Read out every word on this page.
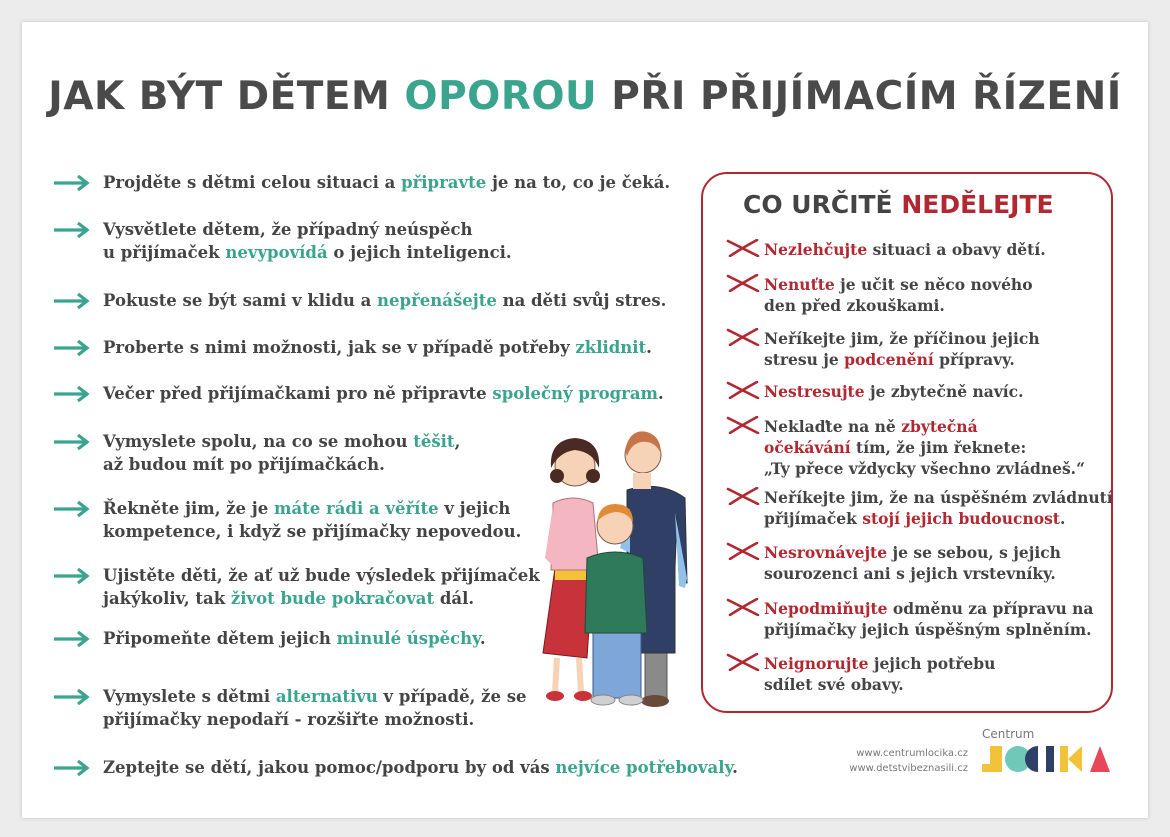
JAK BÝT DĚTEM OPOROU PŘI PŘIJÍMACÍM ŘÍZENÍ
Projděte s dětmi celou situaci a připravte je na to, co je čeká.
Vysvětlete dětem, že případný neúspěch
u přijímaček nevypovídá o jejich inteligenci.
Pokuste se být sami v klidu a nepřenášejte na děti svůj stres.
Proberte s nimi možnosti, jak se v případě potřeby zklidnit.
Večer před přijímačkami pro ně připravte společný program.
Vymyslete spolu, na co se mohou těšit,
až budou mít po přijímačkách.
Řekněte jim, že je máte rádi a věříte v jejich
kompetence, i když se přijímačky nepovedou.
Ujistěte děti, že ať už bude výsledek přijímaček
jakýkoliv, tak život bude pokračovat dál.
Připomeňte dětem jejich minulé úspěchy.
Vymyslete s dětmi alternativu v případě, že se
přijímačky nepodaří - rozšiřte možnosti.
Zeptejte se dětí, jakou pomoc/podporu by od vás nejvíce potřebovaly.
CO URČITĚ NEDĚLEJTE
Nezlehčujte situaci a obavy dětí.
Nenuťte je učit se něco nového
den před zkouškami.
Neříkejte jim, že příčinou jejich
stresu je podcenění přípravy.
Nestresujte je zbytečně navíc.
Neklaďte na ně zbytečná
očekávání tím, že jim řeknete:
„Ty přece vždycky všechno zvládneš.“
Neříkejte jim, že na úspěšném zvládnutí
přijímaček stojí jejich budoucnost.
Nesrovnávejte je se sebou, s jejich
sourozenci ani s jejich vrstevníky.
Nepodmiňujte odměnu za přípravu na
přijímačky jejich úspěšným splněním.
Neignorujte jejich potřebu
sdílet své obavy.
www.centrumlocika.cz
www.detstvibeznasili.cz
Centrum
